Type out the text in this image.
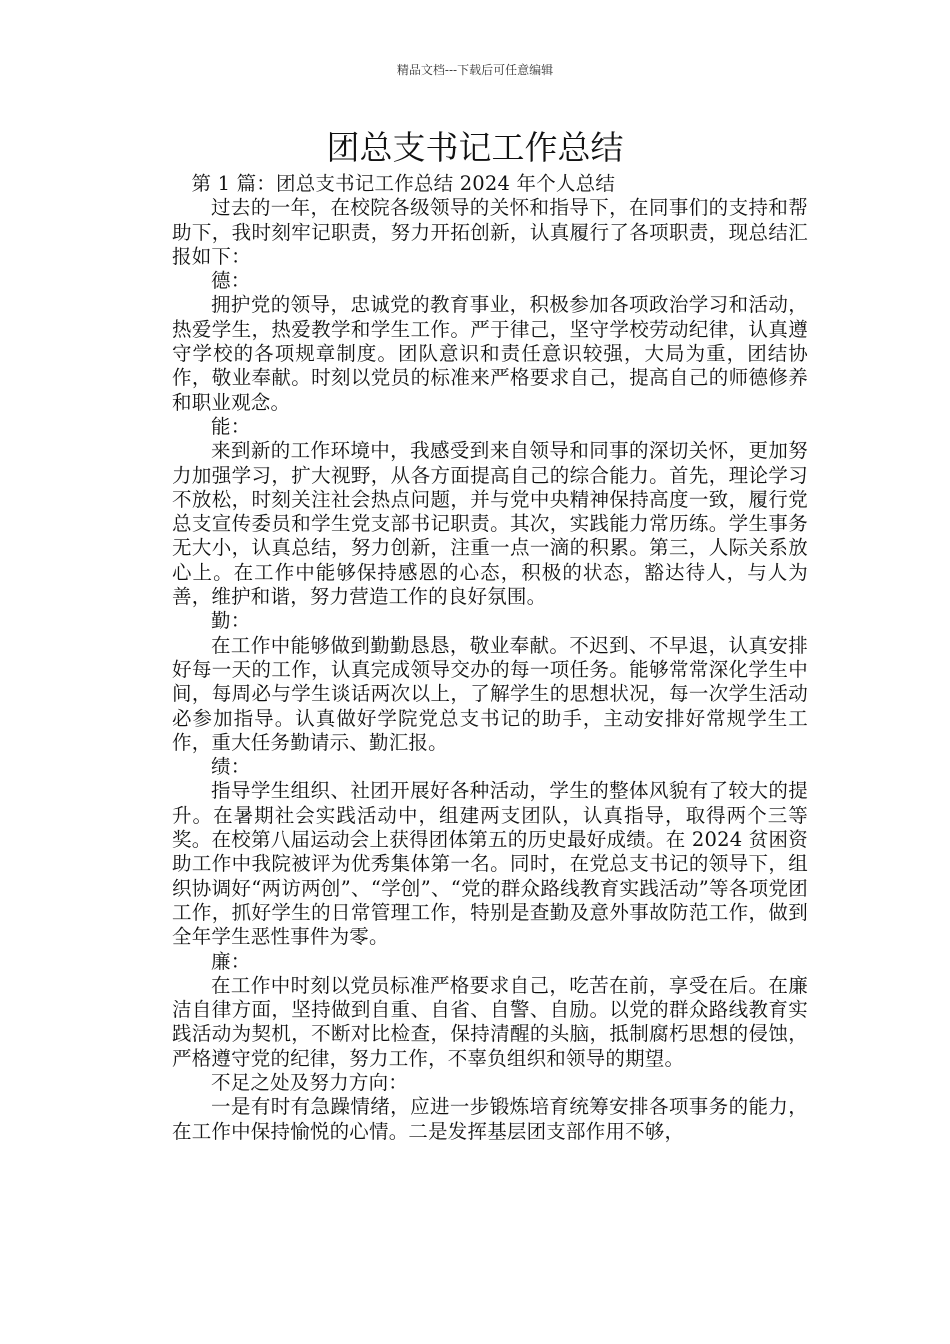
精品文档---下载后可任意编辑
团总支书记工作总结

第 1 篇：团总支书记工作总结 2024 年个人总结

过去的一年，在校院各级领导的关怀和指导下，在同事们的支持和帮助下，我时刻牢记职责，努力开拓创新，认真履行了各项职责，现总结汇报如下：

德：

拥护党的领导，忠诚党的教育事业，积极参加各项政治学习和活动，热爱学生，热爱教学和学生工作。严于律己，坚守学校劳动纪律，认真遵守学校的各项规章制度。团队意识和责任意识较强，大局为重，团结协作，敬业奉献。时刻以党员的标准来严格要求自己，提高自己的师德修养和职业观念。

能：

来到新的工作环境中，我感受到来自领导和同事的深切关怀，更加努力加强学习，扩大视野，从各方面提高自己的综合能力。首先，理论学习不放松，时刻关注社会热点问题，并与党中央精神保持高度一致，履行党总支宣传委员和学生党支部书记职责。其次，实践能力常历练。学生事务无大小，认真总结，努力创新，注重一点一滴的积累。第三，人际关系放心上。在工作中能够保持感恩的心态，积极的状态，豁达待人，与人为善，维护和谐，努力营造工作的良好氛围。

勤：

在工作中能够做到勤勤恳恳，敬业奉献。不迟到、不早退，认真安排好每一天的工作，认真完成领导交办的每一项任务。能够常常深化学生中间，每周必与学生谈话两次以上，了解学生的思想状况，每一次学生活动必参加指导。认真做好学院党总支书记的助手，主动安排好常规学生工作，重大任务勤请示、勤汇报。

绩：

指导学生组织、社团开展好各种活动，学生的整体风貌有了较大的提升。在暑期社会实践活动中，组建两支团队，认真指导，取得两个三等奖。在校第八届运动会上获得团体第五的历史最好成绩。在 2024 贫困资助工作中我院被评为优秀集体第一名。同时，在党总支书记的领导下，组织协调好“两访两创”、“学创”、“党的群众路线教育实践活动”等各项党团工作，抓好学生的日常管理工作，特别是查勤及意外事故防范工作，做到全年学生恶性事件为零。

廉：

在工作中时刻以党员标准严格要求自己，吃苦在前，享受在后。在廉洁自律方面，坚持做到自重、自省、自警、自励。以党的群众路线教育实践活动为契机，不断对比检查，保持清醒的头脑，抵制腐朽思想的侵蚀，严格遵守党的纪律，努力工作，不辜负组织和领导的期望。

不足之处及努力方向：

一是有时有急躁情绪，应进一步锻炼培育统筹安排各项事务的能力，在工作中保持愉悦的心情。二是发挥基层团支部作用不够，
